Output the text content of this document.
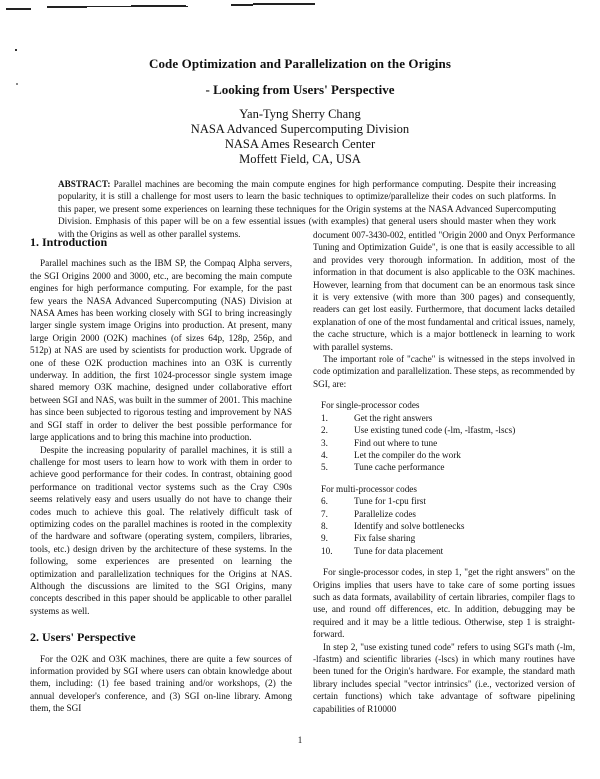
Code Optimization and Parallelization on the Origins
- Looking from Users' Perspective
Yan-Tyng Sherry Chang
NASA Advanced Supercomputing Division
NASA Ames Research Center
Moffett Field, CA, USA
ABSTRACT: Parallel machines are becoming the main compute engines for high performance computing. Despite their increasing popularity, it is still a challenge for most users to learn the basic techniques to optimize/parallelize their codes on such platforms. In this paper, we present some experiences on learning these techniques for the Origin systems at the NASA Advanced Supercomputing Division. Emphasis of this paper will be on a few essential issues (with examples) that general users should master when they work with the Origins as well as other parallel systems.
1. Introduction

Parallel machines such as the IBM SP, the Compaq Alpha servers, the SGI Origins 2000 and 3000, etc., are becoming the main compute engines for high performance computing. For example, for the past few years the NASA Advanced Supercomputing (NAS) Division at NASA Ames has been working closely with SGI to bring increasingly larger single system image Origins into production. At present, many large Origin 2000 (O2K) machines (of sizes 64p, 128p, 256p, and 512p) at NAS are used by scientists for production work. Upgrade of one of these O2K production machines into an O3K is currently underway. In addition, the first 1024-processor single system image shared memory O3K machine, designed under collaborative effort between SGI and NAS, was built in the summer of 2001. This machine has since been subjected to rigorous testing and improvement by NAS and SGI staff in order to deliver the best possible performance for large applications and to bring this machine into production.

Despite the increasing popularity of parallel machines, it is still a challenge for most users to learn how to work with them in order to achieve good performance for their codes. In contrast, obtaining good performance on traditional vector systems such as the Cray C90s seems relatively easy and users usually do not have to change their codes much to achieve this goal. The relatively difficult task of optimizing codes on the parallel machines is rooted in the complexity of the hardware and software (operating system, compilers, libraries, tools, etc.) design driven by the architecture of these systems. In the following, some experiences are presented on learning the optimization and parallelization techniques for the Origins at NAS. Although the discussions are limited to the SGI Origins, many concepts described in this paper should be applicable to other parallel systems as well.

2. Users' Perspective

For the O2K and O3K machines, there are quite a few sources of information provided by SGI where users can obtain knowledge about them, including: (1) fee based training and/or workshops, (2) the annual developer's conference, and (3) SGI on-line library. Among them, the SGI

document 007-3430-002, entitled "Origin 2000 and Onyx Performance Tuning and Optimization Guide", is one that is easily accessible to all and provides very thorough information. In addition, most of the information in that document is also applicable to the O3K machines. However, learning from that document can be an enormous task since it is very extensive (with more than 300 pages) and consequently, readers can get lost easily. Furthermore, that document lacks detailed explanation of one of the most fundamental and critical issues, namely, the cache structure, which is a major bottleneck in learning to work with parallel systems.

The important role of "cache" is witnessed in the steps involved in code optimization and parallelization. These steps, as recommended by SGI, are:

For single-processor codes
1.	Get the right answers
2.	Use existing tuned code (-lm, -lfastm, -lscs)
3.	Find out where to tune
4.	Let the compiler do the work
5.	Tune cache performance
For multi-processor codes
6.	Tune for 1-cpu first
7.	Parallelize codes
8.	Identify and solve bottlenecks
9.	Fix false sharing
10.	Tune for data placement

For single-processor codes, in step 1, "get the right answers" on the Origins implies that users have to take care of some porting issues such as data formats, availability of certain libraries, compiler flags to use, and round off differences, etc. In addition, debugging may be required and it may be a little tedious. Otherwise, step 1 is straight-forward.

In step 2, "use existing tuned code" refers to using SGI's math (-lm, -lfastm) and scientific libraries (-lscs) in which many routines have been tuned for the Origin's hardware. For example, the standard math library includes special "vector intrinsics" (i.e., vectorized version of certain functions) which take advantage of software pipelining capabilities of R10000

1
